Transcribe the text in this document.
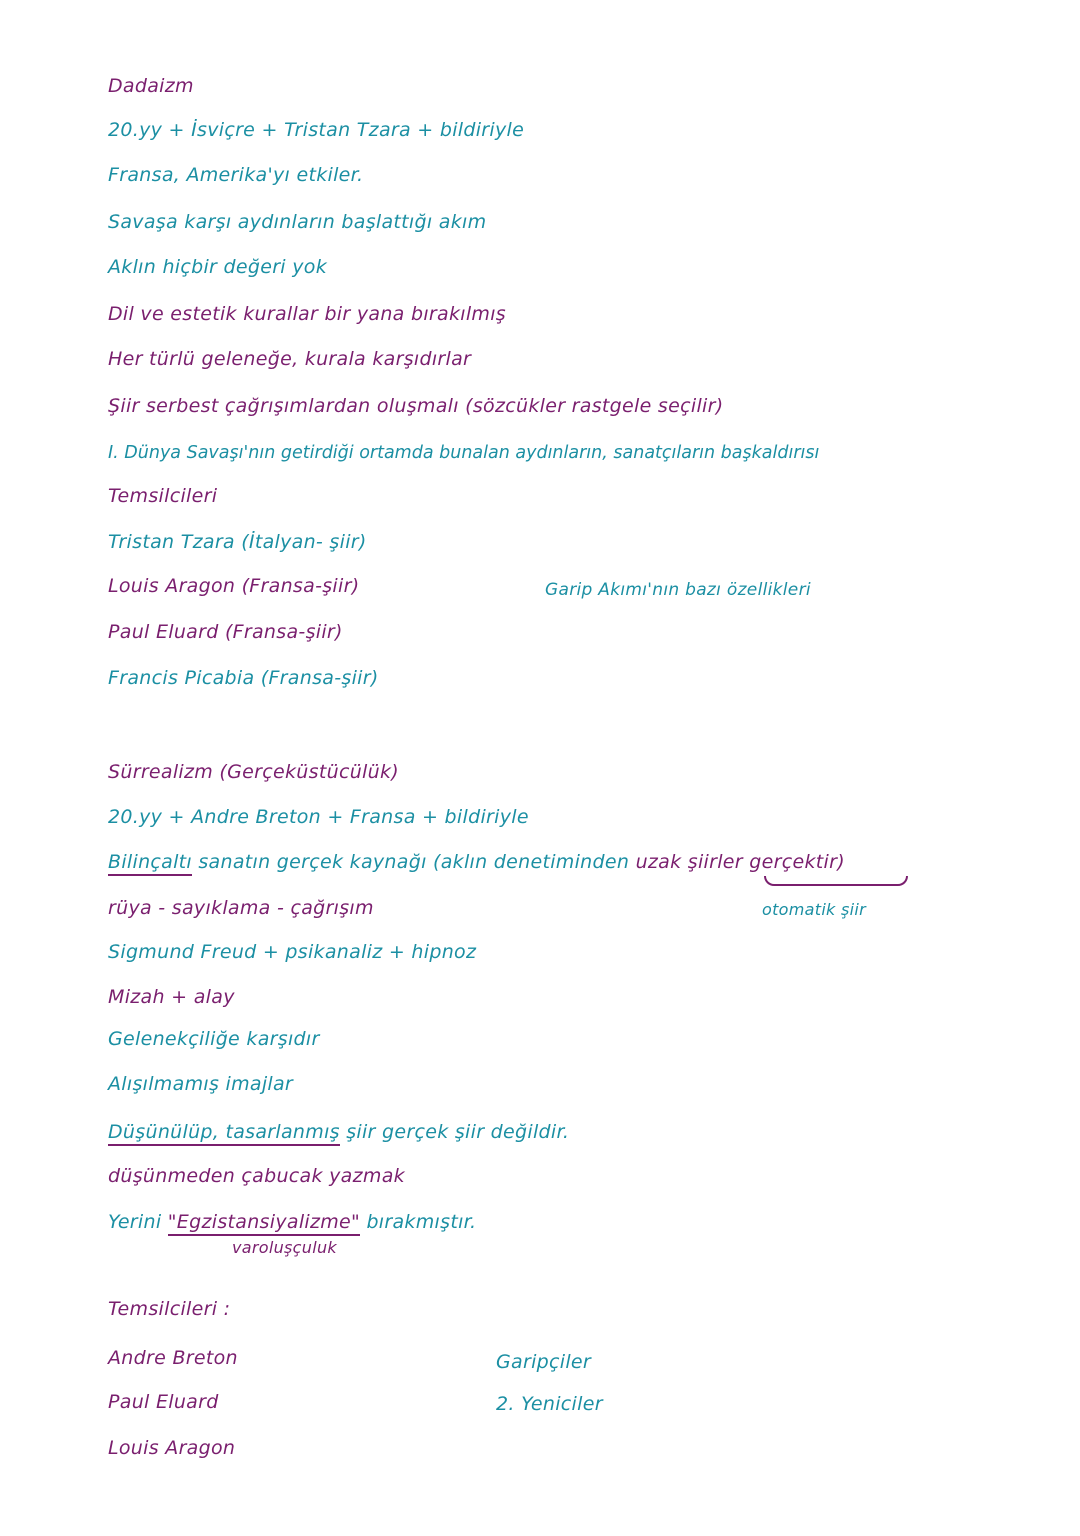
Dadaizm
20.yy + İsviçre + Tristan Tzara + bildiriyle
Fransa, Amerika'yı etkiler.
Savaşa karşı aydınların başlattığı akım
Aklın hiçbir değeri yok
Dil ve estetik kurallar bir yana bırakılmış
Her türlü geleneğe, kurala karşıdırlar
Şiir serbest çağrışımlardan oluşmalı (sözcükler rastgele seçilir)
I. Dünya Savaşı'nın getirdiği ortamda bunalan aydınların, sanatçıların başkaldırısı
Temsilcileri
Tristan Tzara (İtalyan- şiir)
Louis Aragon (Fransa-şiir)	Garip Akımı'nın bazı özellikleri
Paul Eluard (Fransa-şiir)
Francis Picabia (Fransa-şiir)
Sürrealizm (Gerçeküstücülük)
20.yy + Andre Breton + Fransa + bildiriyle
Bilinçaltı sanatın gerçek kaynağı (aklın denetiminden uzak şiirler gerçektir)
rüya - sayıklama - çağrışım	otomatik şiir
Sigmund Freud + psikanaliz + hipnoz
Mizah + alay
Gelenekçiliğe karşıdır
Alışılmamış imajlar
Düşünülüp, tasarlanmış şiir gerçek şiir değildir.
düşünmeden çabucak yazmak
Yerini "Egzistansiyalizme" bırakmıştır.
varoluşçuluk
Temsilcileri :
Andre Breton	Garipçiler
Paul Eluard	2. Yeniciler
Louis Aragon
